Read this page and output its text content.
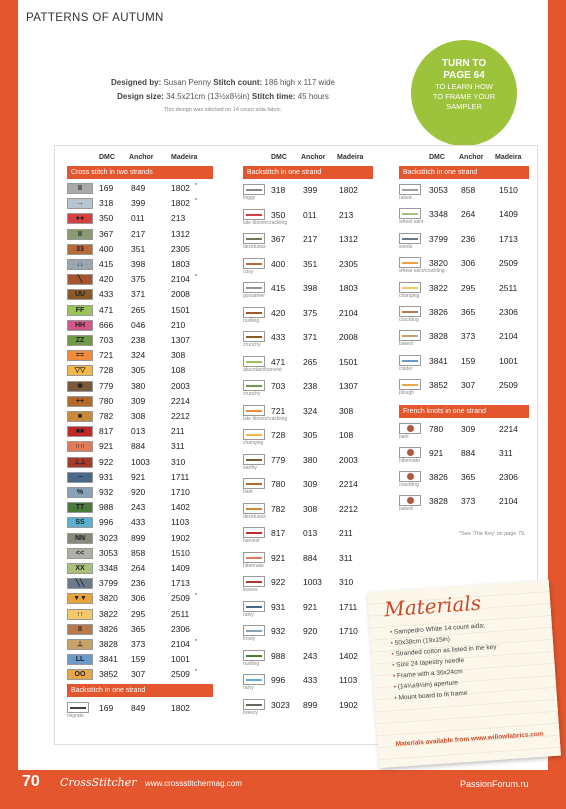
PATTERNS OF AUTUMN
Designed by: Susan Penny Stitch count: 186 high x 117 wide
Design size: 34.5x21cm (13½x8½in) Stitch time: 45 hours
This design was stitched on 14 count aida fabric.
TURN TO
PAGE 64
TO LEARN HOW
TO FRAME YOUR
SAMPLER
DMC Anchor	Madeira
Cross stitch in two strands
II	169 849	1802 *
→	318 399	1802 *
●●	350 011	213
II	367 217	1312
33	400 351	2305
↓↓	415 398	1803
╲	420 375	2104 *
UU	433 371	2008
FF	471 265	1501
HH	666 046	210
ZZ	703 238	1307
==	721 324	308
▽▽	728 305	108
✱	779 380	2003
++	780 309	2214
■	782 308	2212
■■	817 013	211
∩∩	921 884	311
⊥⊥	922 1003 310
−	931 921	1711
%	932 920	1710
TT	988 243	1402
SS	996 433	1103
NN	3023 899	1902
<<	3053 858	1510
XX	3348 264	1409
╲╲	3799 236	1713
▼▼	3820 306	2509 *
↑↑	3822 295	2511
II	3826 365	2306
⊥	3828 373	2104 *
LL	3841 159	1001
OO	3852 307	2509 *
Backstitch in one strand
169 849	1802
migrate
DMC Anchor Madeira
Backstitch in one strand
318 399	1802
foggy
350 011	213
late bloom/crackling
367 217	1312
deciduous
400 351	2305
cosy
415 398	1803
gossamer
420 375	2104
rustling
433 371	2008
crunchy
471 265	1501
abundant/harvest
703 238	1307
crunchy
721 324	308
late bloom/crackling
728 305	108
changing
779 380	2003
earthy
780 309	2214
bark
782 308	2212
deciduous
817 013	211
harvest
921 884	311
hibernate
922 1003 310
leaves
931 921	1711
rainy
932 920	1710
frosty
988 243	1402
rustling
996 433	1103
rainy
3023 899	1902
breezy
DMC Anchor Madeira
Backstitch in one strand
3053 858	1510
raked
3348 264	1409
wheat ears
3799 236	1713
words
3820 306	2509
wheat ears/crackling
3822 295	2511
changing
3826 365	2306
crackling
3828 373	2104
baked
3841 159	1001
colder
3852 307	2509
plough
French knots in one strand
780 309	2214
bark
921 884	311
hibernate
3826 365	2306
crackling
3828 373	2104
baked
*See 'The Key' on page 79.
Materials
• Sampedro White 14 count aida;
• 50x38cm (19x15in)
• Stranded cotton as listed in the key
• Size 24 tapestry needle
• Frame with a 36x24cm
• (14¼x9½in) aperture
• Mount board to fit frame
Materials available from www.willowfabrics.com
70 CrossStitcher www.crossstitchermag.com	PassionForum.ru
